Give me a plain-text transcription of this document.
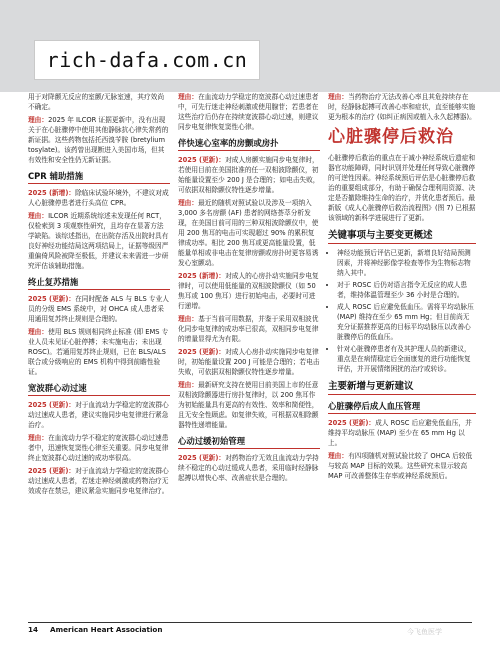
rich-dafa.com.cn

用于对降颤无反应的室颤/无脉室速，其疗效尚不确定。

理由：2025 年 ILCOR 证据更新中，没有出现关于在心脏骤停中使用其他静脉抗心律失常药的新证据。这些药物包括托西溴苄胺 (bretylium tosylate)。该药曾出现断进入美国市场，但其有效性和安全性仍无新证据。

CPR 辅助措施

2025 (新增)：除临床试验环境外，不建议对成人心脏骤停患者进行头高位 CPR。

理由：ILCOR 近期系统综述未发现任何 RCT，仅检索到 3 项观察性研究，且均存在显著方法学缺陷。该综述指出，在出院存活及出院时具有良好神经功能结局这两项结局上，证据等级因严重偏倚风险被降至极低，并建议未来需进一步研究评估该辅助措施。

终止复苏措施

2025 (更新)：在同时配备 ALS 与 BLS 专业人员的分级 EMS 系统中，对 OHCA 成人患者采用通用复苏终止规则是合理的。

理由：使用 BLS 规则相同终止标准 (即 EMS 专业人员未见证心脏停搏；未实施电击；未出现 ROSC)。若通用复苏终止规则，已在 BLS/ALS 联合或分级响应的 EMS 机构中得到前瞻性验证。

宽波群心动过速

2025 (更新)：对于血流动力学稳定的宽波群心动过速成人患者，建议实施同步电复律进行紧急治疗。

理由：在血流动力学不稳定的宽波群心动过速患者中，迅速恢复窦性心律至关重要。同步电复律终止宽波群心动过速的成功率很高。

2025 (更新)：对于血流动力学稳定的宽波群心动过速成人患者，若迷走神经刺激或药物治疗无效或存在禁忌，建议紧急实施同步电复律治疗。

理由：在血流动力学稳定的宽波群心动过速患者中，可先行迷走神经刺激或使用腺苷；若患者在这些治疗后仍存在持续宽波群心动过速，则建议同步电复律恢复窦性心律。

伴快速心室率的房颤或房扑

2025 (更新)：对成人房颤实施同步电复律时，若使用目前在美国批准的任一双相波除颤仪，初始能量设置至少 200 J 是合理的；如电击失败，可依据双相除颤仪特性逐步增量。

理由：最近的随机对照试验以及涉及一项纳入 3,000 多名房颤 (AF) 患者的网络荟萃分析发现，在美国目前可用的三种双相波除颤仪中，使用 200 焦耳的电击可实现超过 90% 的累积复律成功率。相比 200 焦耳或更高能量设置，低能量单相或非电击在复律房颤或房扑时更容易诱发心室颤动。

2025 (新增)：对成人的心房扑动实施同步电复律时，可以使用低能量的双相波除颤仪（如 50 焦耳或 100 焦耳）进行初始电击，必要时可进行递增。

理由：基于当前可用数据，并鉴于采用双相波优化同步电复律的成功率已很高，双相同步电复律的增量显得尤为有限。

2025 (更新)：对成人心房扑动实施同步电复律时，初始能量设置 200 J 可能是合理的；若电击失败，可依据双相除颤仪特性逐步增量。

理由：最新研究支持在使用目前美国上市的任意双相波除颤器进行房扑复律时，以 200 焦耳作为初始能量具有更高的有效性、效率和简便性，且无安全性顾虑。如复律失败，可根据双相除颤器特性递增能量。

心动过缓初始管理

2025 (更新)：对药物治疗无效且血流动力学持续不稳定的心动过缓成人患者，采用临时经静脉起搏以增快心率、改善症状是合理的。

理由：当药物治疗无法改善心率且其危持续存在时，经静脉起搏可改善心率和症状，直至能够实施更为根本的治疗 (如纠正病因或植入永久起搏器)。

心脏骤停后救治

心脏骤停后救治的重点在于减小神经系统后遗症和器官功能障碍，同时识别并处理任何导致心脏骤停的可逆性因素。神经系统预后评估是心脏骤停后救治的重要组成部分，有助于确保合理利用资源、决定是否撤除维持生命的治疗，并优化患者预后。最新版《成人心脏骤停后救治流程图》(图 7) 已根据该领域的新科学进展进行了更新。

关键事项与主要变更概述
• 神经功能预后评估已更新，新增良好结局预测因素，并将神经影像学检查等作为生物标志物纳入其中。
• 对于 ROSC 后仍对语言指令无反应的成人患者，维持体温管理至少 36 小时是合理的。
• 成人 ROSC 后应避免低血压。需将平均动脉压 (MAP) 维持在至少 65 mm Hg；但目前尚无充分证据推荐更高的目标平均动脉压以改善心脏骤停后的低血压。
• 针对心脏骤停患者有及其护理人员的新建议，重点是在病情稳定后全面康复的进行功能恢复评估，并开展情绪困扰的治疗或转诊。
主要新增与更新建议
心脏骤停后成人血压管理

2025 (更新)：成人 ROSC 后应避免低血压，并维持平均动脉压 (MAP) 至少在 65 mm Hg 以上。

理由：有四项随机对照试验比较了 OHCA 后较低与较高 MAP 目标的效果。这些研究未显示较高 MAP 可改善整体生存率或神经系统预后。

14 American Heart Association	今飞鱼医学
